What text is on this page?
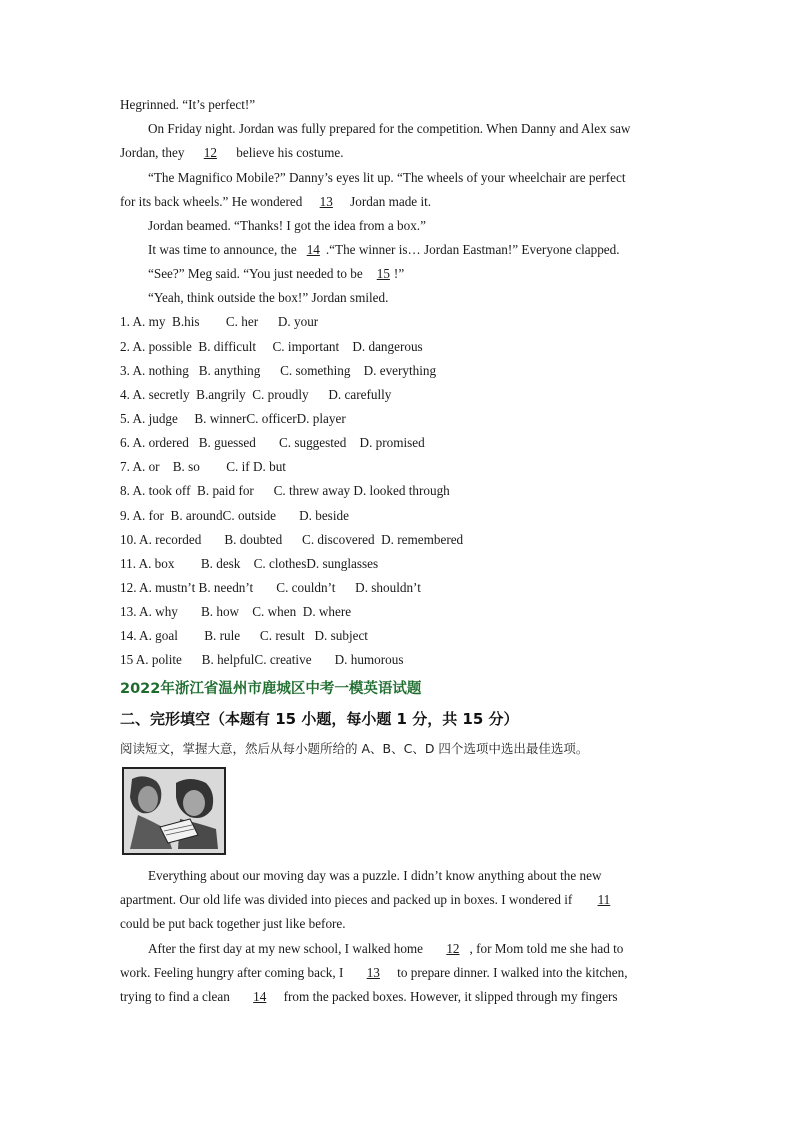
Hegrinned. “It’s perfect!”
On Friday night. Jordan was fully prepared for the competition. When Danny and Alex saw
Jordan, they 12 believe his costume.
“The Magnifico Mobile?” Danny’s eyes lit up. “The wheels of your wheelchair are perfect
for its back wheels.” He wondered 13 Jordan made it.
Jordan beamed. “Thanks! I got the idea from a box.”
It was time to announce, the 14 .“The winner is… Jordan Eastman!” Everyone clapped.
“See?” Meg said. “You just needed to be 15 !”
“Yeah, think outside the box!” Jordan smiled.
1. A. my  B.his        C. her      D. your
2. A. possible  B. difficult     C. important    D. dangerous
3. A. nothing   B. anything      C. something    D. everything
4. A. secretly  B.angrily  C. proudly      D. carefully
5. A. judge     B. winnerC. officerD. player
6. A. ordered   B. guessed       C. suggested    D. promised
7. A. or    B. so        C. if D. but
8. A. took off  B. paid for      C. threw away D. looked through
9. A. for  B. aroundC. outside       D. beside
10. A. recorded       B. doubted      C. discovered  D. remembered
11. A. box        B. desk    C. clothesD. sunglasses
12. A. mustn’t B. needn’t       C. couldn’t      D. shouldn’t
13. A. why       B. how    C. when  D. where
14. A. goal        B. rule      C. result   D. subject
15 A. polite      B. helpfulC. creative       D. humorous
2022年浙江省温州市鹿城区中考一模英语试题
二、完形填空（本题有 15 小题，每小题 1 分，共 15 分）
阅读短文，掌握大意，然后从每小题所给的 A、B、C、D 四个选项中选出最佳选项。
Everything about our moving day was a puzzle. I didn’t know anything about the new
apartment. Our old life was divided into pieces and packed up in boxes. I wondered if 11
could be put back together just like before.
After the first day at my new school, I walked home 12 , for Mom told me she had to
work. Feeling hungry after coming back, I 13 to prepare dinner. I walked into the kitchen,
trying to find a clean 14 from the packed boxes. However, it slipped through my fingers
